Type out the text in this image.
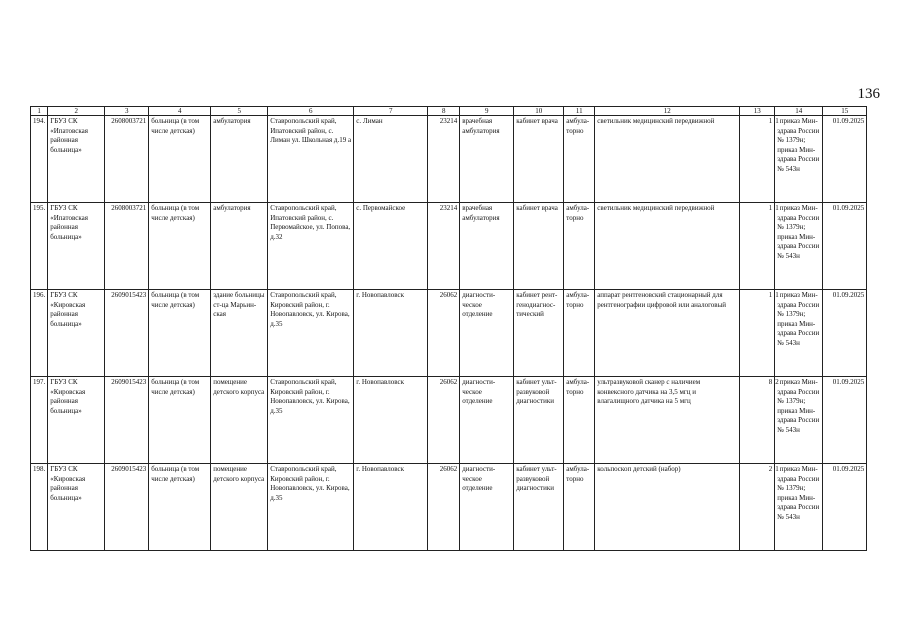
136
1	2	3	4	5	6	7	8	9	10	11	12	13	14	15
194.	ГБУЗ СК «Ипатовская районная больница»	2608003721	больница (в том числе детская)	амбулатория	Ставропольский край, Ипатовский район, с. Лиман ул. Школьная д.19 а	с. Лиман	23214	врачебная амбулатория	кабинет врача	амбула-торно	светильник медицинский передвижной	1	1 приказ Мин-здрава России № 1379н; приказ Мин-здрава России № 543н	01.09.2025
195.	ГБУЗ СК «Ипатовская районная больница»	2608003721	больница (в том числе детская)	амбулатория	Ставропольский край, Ипатовский район, с. Первомайское, ул. Попова, д.32	с. Первомайское	23214	врачебная амбулатория	кабинет врача	амбула-торно	светильник медицинский передвижной	1	1 приказ Мин-здрава России № 1379н; приказ Мин-здрава России № 543н	01.09.2025
196.	ГБУЗ СК «Кировская районная больница»	2609015423	больница (в том числе детская)	здание больницы ст-ца Марьин-ская	Ставропольский край, Кировский район, г. Новопавловск, ул. Кирова, д.35	г. Новопавловск	26062	диагности-ческое отделение	кабинет рент-генодиагнос-тический	амбула-торно	аппарат рентгеновский стационарный для рентгенографии цифровой или аналоговый	1	1 приказ Мин-здрава России № 1379н; приказ Мин-здрава России № 543н	01.09.2025
197.	ГБУЗ СК «Кировская районная больница»	2609015423	больница (в том числе детская)	помещение детского корпуса	Ставропольский край, Кировский район, г. Новопавловск, ул. Кирова, д.35	г. Новопавловск	26062	диагности-ческое отделение	кабинет ульт-развуковой диагностики	амбула-торно	ультразвуковой сканер с наличием конвексного датчика на 3,5 мгц и влагалищного датчика на 5 мгц	8	2 приказ Мин-здрава России № 1379н; приказ Мин-здрава России № 543н	01.09.2025
198.	ГБУЗ СК «Кировская районная больница»	2609015423	больница (в том числе детская)	помещение детского корпуса	Ставропольский край, Кировский район, г. Новопавловск, ул. Кирова, д.35	г. Новопавловск	26062	диагности-ческое отделение	кабинет ульт-развуковой диагностики	амбула-торно	кольпоскоп детский (набор)	2	1 приказ Мин-здрава России № 1379н; приказ Мин-здрава России № 543н	01.09.2025
